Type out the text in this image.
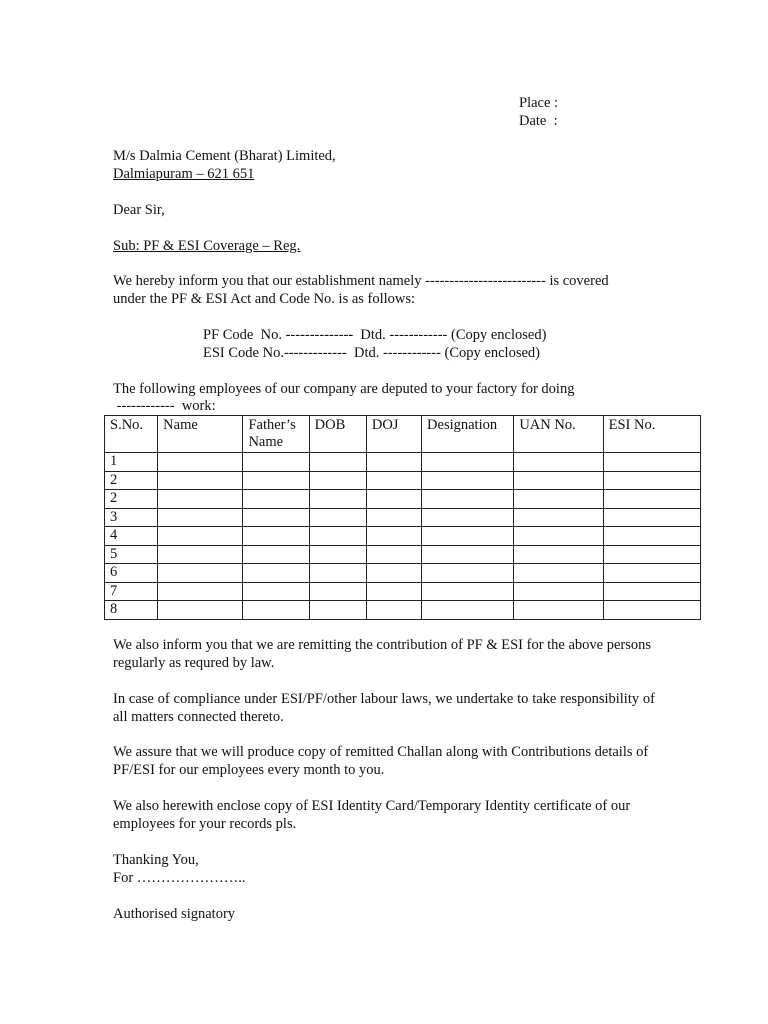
Place :
Date  :
M/s Dalmia Cement (Bharat) Limited,
Dalmiapuram – 621 651
Dear Sir,
Sub: PF & ESI Coverage – Reg.
We hereby inform you that our establishment namely ------------------------- is covered
under the PF & ESI Act and Code No. is as follows:
PF Code  No. --------------  Dtd. ------------ (Copy enclosed)
ESI Code No.-------------  Dtd. ------------ (Copy enclosed)
The following employees of our company are deputed to your factory for doing
------------  work:
S.No.	Name	Father’s Name	DOB	DOJ	Designation	UAN No.	ESI No.
1							
2							
2							
3							
4							
5							
6							
7							
8							
We also inform you that we are remitting the contribution of PF & ESI for the above persons regularly as requred by law.
In case of compliance under ESI/PF/other labour laws, we undertake to take responsibility of all matters connected thereto.
We assure that we will produce copy of remitted Challan along with Contributions details of PF/ESI for our employees every month to you.
We also herewith enclose copy of ESI Identity Card/Temporary Identity certificate of our employees for your records pls.
Thanking You,
For …………………..
Authorised signatory
